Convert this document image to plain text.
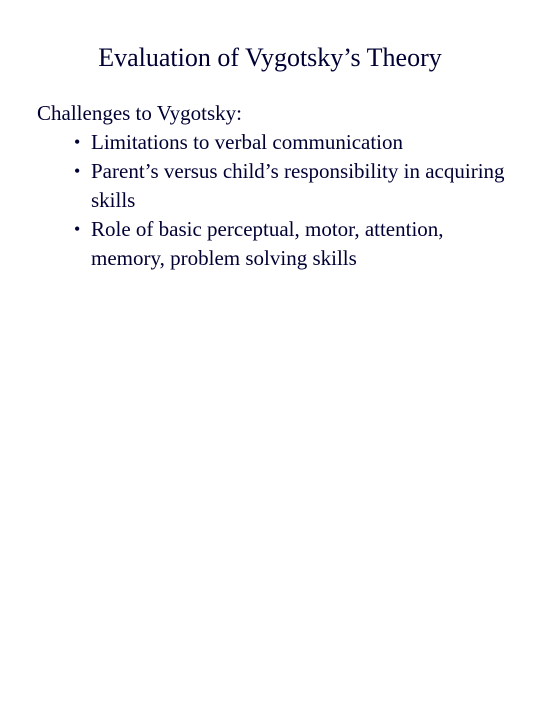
Evaluation of Vygotsky’s Theory
Challenges to Vygotsky:
• Limitations to verbal communication
• Parent’s versus child’s responsibility in acquiring skills
• Role of basic perceptual, motor, attention, memory, problem solving skills
